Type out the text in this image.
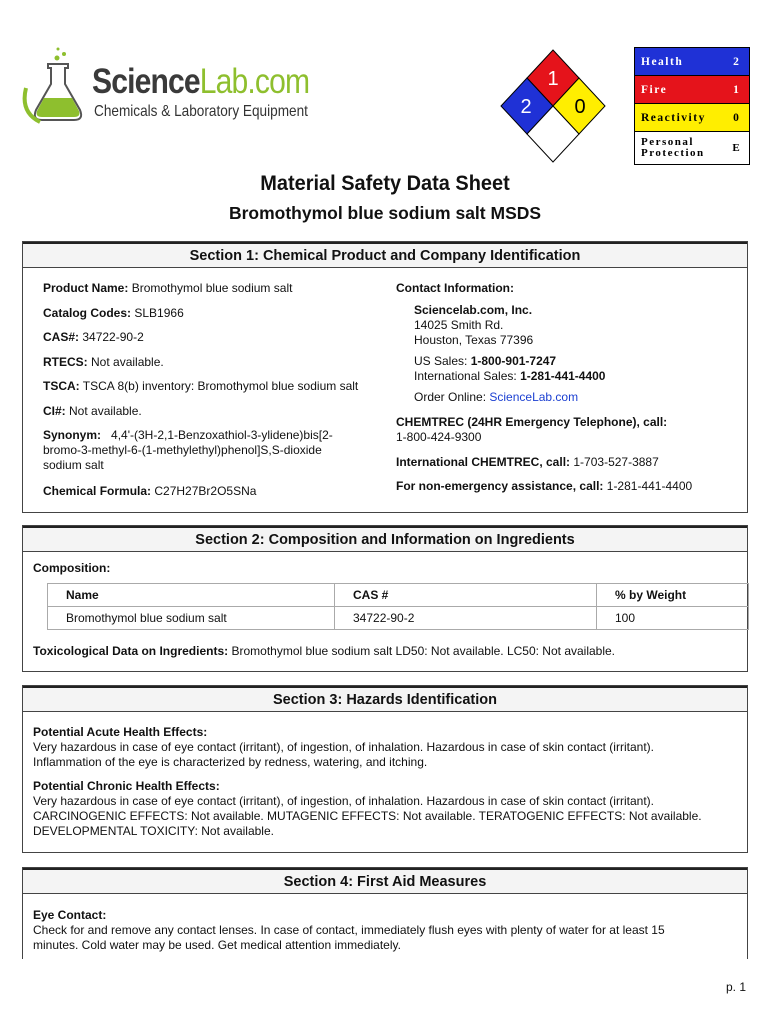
ScienceLab.com
Chemicals & Laboratory Equipment
1
2 0
Health	2
Fire	1
Reactivity	0
Personal
Protection	E
Material Safety Data Sheet
Bromothymol blue sodium salt MSDS
Section 1: Chemical Product and Company Identification
Product Name: Bromothymol blue sodium salt
Catalog Codes: SLB1966
CAS#: 34722-90-2
RTECS: Not available.
TSCA: TSCA 8(b) inventory: Bromothymol blue sodium salt
CI#: Not available.
Synonym: 4,4'-(3H-2,1-Benzoxathiol-3-ylidene)bis[2-
bromo-3-methyl-6-(1-methylethyl)phenol]S,S-dioxide
sodium salt
Chemical Formula: C27H27Br2O5SNa
Contact Information:
Sciencelab.com, Inc.
14025 Smith Rd.
Houston, Texas 77396
US Sales: 1-800-901-7247
International Sales: 1-281-441-4400
Order Online: ScienceLab.com
CHEMTREC (24HR Emergency Telephone), call:
1-800-424-9300
International CHEMTREC, call: 1-703-527-3887
For non-emergency assistance, call: 1-281-441-4400
Section 2: Composition and Information on Ingredients
Composition:
Name	CAS #	% by Weight
Bromothymol blue sodium salt	34722-90-2	100
Toxicological Data on Ingredients: Bromothymol blue sodium salt LD50: Not available. LC50: Not available.
Section 3: Hazards Identification
Potential Acute Health Effects:
Very hazardous in case of eye contact (irritant), of ingestion, of inhalation. Hazardous in case of skin contact (irritant).
Inflammation of the eye is characterized by redness, watering, and itching.
Potential Chronic Health Effects:
Very hazardous in case of eye contact (irritant), of ingestion, of inhalation. Hazardous in case of skin contact (irritant).
CARCINOGENIC EFFECTS: Not available. MUTAGENIC EFFECTS: Not available. TERATOGENIC EFFECTS: Not available.
DEVELOPMENTAL TOXICITY: Not available.
Section 4: First Aid Measures
Eye Contact:
Check for and remove any contact lenses. In case of contact, immediately flush eyes with plenty of water for at least 15
minutes. Cold water may be used. Get medical attention immediately.
p. 1
